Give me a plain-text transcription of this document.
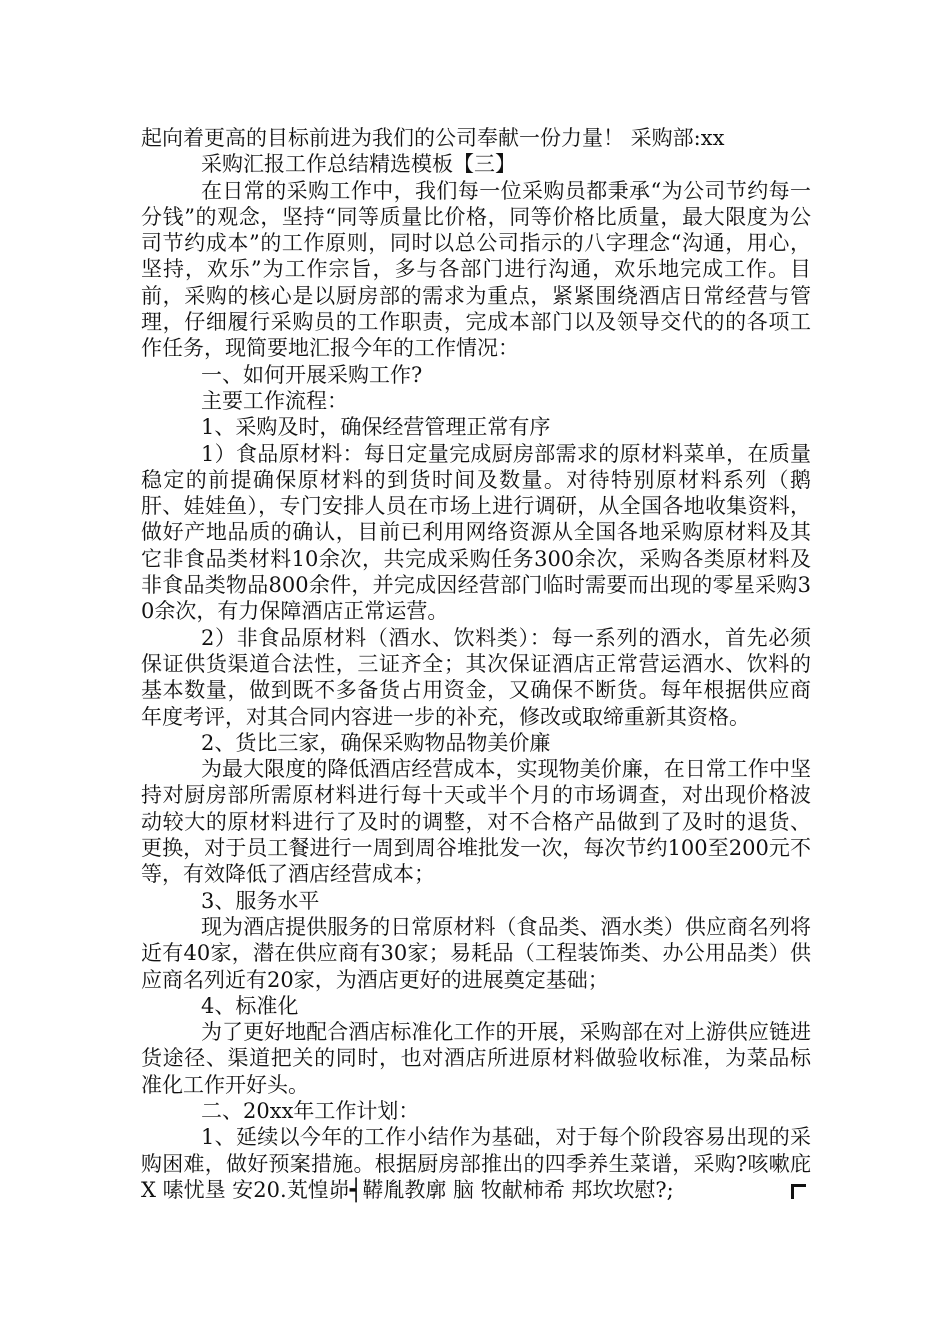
起向着更高的目标前进为我们的公司奉献一份力量！ 采购部:xx

采购汇报工作总结精选模板【三】

在日常的采购工作中，我们每一位采购员都秉承“为公司节约每一分钱”的观念，坚持“同等质量比价格，同等价格比质量，最大限度为公司节约成本”的工作原则，同时以总公司指示的八字理念“沟通，用心，坚持，欢乐”为工作宗旨，多与各部门进行沟通，欢乐地完成工作。目前，采购的核心是以厨房部的需求为重点，紧紧围绕酒店日常经营与管理，仔细履行采购员的工作职责，完成本部门以及领导交代的的各项工作任务，现简要地汇报今年的工作情况：

一、如何开展采购工作?

主要工作流程：

1、采购及时，确保经营管理正常有序

1）食品原材料：每日定量完成厨房部需求的原材料菜单，在质量稳定的前提确保原材料的到货时间及数量。对待特别原材料系列（鹅肝、娃娃鱼），专门安排人员在市场上进行调研，从全国各地收集资料，做好产地品质的确认，目前已利用网络资源从全国各地采购原材料及其它非食品类材料10余次，共完成采购任务300余次，采购各类原材料及非食品类物品800余件，并完成因经营部门临时需要而出现的零星采购30余次，有力保障酒店正常运营。

2）非食品原材料（酒水、饮料类）：每一系列的酒水，首先必须保证供货渠道合法性，三证齐全；其次保证酒店正常营运酒水、饮料的基本数量，做到既不多备货占用资金，又确保不断货。每年根据供应商年度考评，对其合同内容进一步的补充，修改或取缔重新其资格。

2、货比三家，确保采购物品物美价廉

为最大限度的降低酒店经营成本，实现物美价廉，在日常工作中坚持对厨房部所需原材料进行每十天或半个月的市场调查，对出现价格波动较大的原材料进行了及时的调整，对不合格产品做到了及时的退货、更换，对于员工餐进行一周到周谷堆批发一次，每次节约100至200元不等，有效降低了酒店经营成本；

3、服务水平

现为酒店提供服务的日常原材料（食品类、酒水类）供应商名列将近有40家，潜在供应商有30家；易耗品（工程装饰类、办公用品类）供应商名列近有20家，为酒店更好的进展奠定基础；

4、标准化

为了更好地配合酒店标准化工作的开展，采购部在对上游供应链进货途径、渠道把关的同时，也对酒店所进原材料做验收标准，为菜品标准化工作开好头。

二、20xx年工作计划：

1、延续以今年的工作小结作为基础，对于每个阶段容易出现的采购困难，做好预案措施。根据厨房部推出的四季养生菜谱，采购?咳嗽庇 X 嗉忧垦 安20.芄惶峁┥鞯胤教廓 脑 牧献柿希 邦坎坎慰?;
